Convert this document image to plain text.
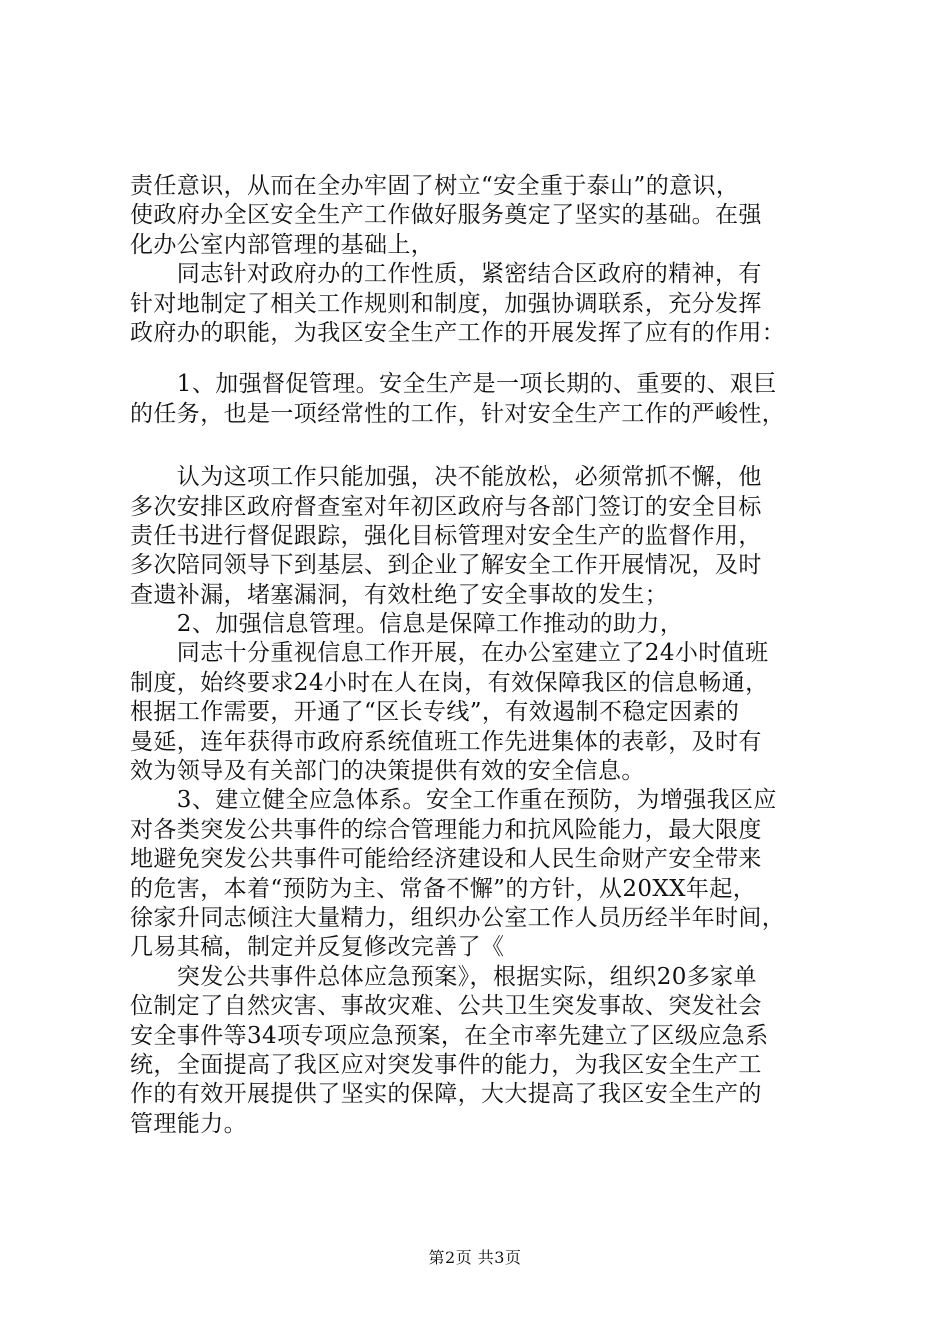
责任意识，从而在全办牢固了树立“安全重于泰山”的意识，
使政府办全区安全生产工作做好服务奠定了坚实的基础。在强
化办公室内部管理的基础上，
　　同志针对政府办的工作性质，紧密结合区政府的精神，有
针对地制定了相关工作规则和制度，加强协调联系，充分发挥
政府办的职能，为我区安全生产工作的开展发挥了应有的作用：
　　1、加强督促管理。安全生产是一项长期的、重要的、艰巨
的任务，也是一项经常性的工作，针对安全生产工作的严峻性，
　　认为这项工作只能加强，决不能放松，必须常抓不懈，他
多次安排区政府督查室对年初区政府与各部门签订的安全目标
责任书进行督促跟踪，强化目标管理对安全生产的监督作用，
多次陪同领导下到基层、到企业了解安全工作开展情况，及时
查遗补漏，堵塞漏洞，有效杜绝了安全事故的发生；
　　2、加强信息管理。信息是保障工作推动的助力，
　　同志十分重视信息工作开展，在办公室建立了24小时值班
制度，始终要求24小时在人在岗，有效保障我区的信息畅通，
根据工作需要，开通了“区长专线”，有效遏制不稳定因素的
曼延，连年获得市政府系统值班工作先进集体的表彰，及时有
效为领导及有关部门的决策提供有效的安全信息。
　　3、建立健全应急体系。安全工作重在预防，为增强我区应
对各类突发公共事件的综合管理能力和抗风险能力，最大限度
地避免突发公共事件可能给经济建设和人民生命财产安全带来
的危害，本着“预防为主、常备不懈”的方针，从20XX年起，
徐家升同志倾注大量精力，组织办公室工作人员历经半年时间，
几易其稿，制定并反复修改完善了《
　　突发公共事件总体应急预案》，根据实际，组织20多家单
位制定了自然灾害、事故灾难、公共卫生突发事故、突发社会
安全事件等34项专项应急预案，在全市率先建立了区级应急系
统，全面提高了我区应对突发事件的能力，为我区安全生产工
作的有效开展提供了坚实的保障，大大提高了我区安全生产的
管理能力。
第2页 共3页
